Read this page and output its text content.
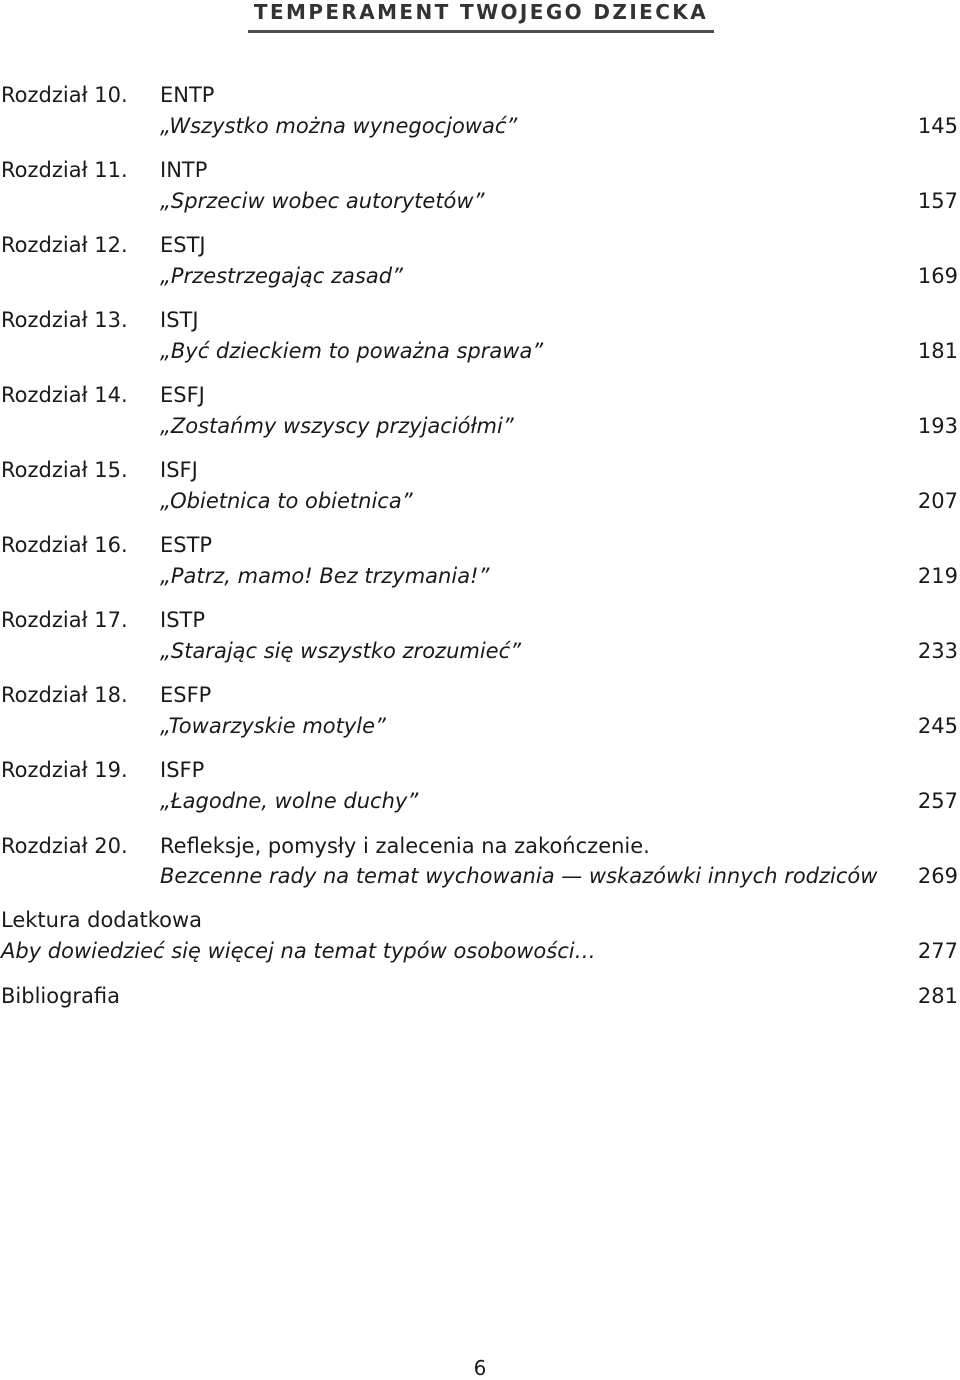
TEMPERAMENT TWOJEGO DZIECKA
Rozdział 10. ENTP
„Wszystko można wynegocjować”	145
Rozdział 11. INTP
„Sprzeciw wobec autorytetów”	157
Rozdział 12. ESTJ
„Przestrzegając zasad”	169
Rozdział 13. ISTJ
„Być dzieckiem to poważna sprawa”	181
Rozdział 14. ESFJ
„Zostańmy wszyscy przyjaciółmi”	193
Rozdział 15. ISFJ
„Obietnica to obietnica”	207
Rozdział 16. ESTP
„Patrz, mamo! Bez trzymania!”	219
Rozdział 17. ISTP
„Starając się wszystko zrozumieć”	233
Rozdział 18. ESFP
„Towarzyskie motyle”	245
Rozdział 19. ISFP
„Łagodne, wolne duchy”	257
Rozdział 20. Refleksje, pomysły i zalecenia na zakończenie.
Bezcenne rady na temat wychowania — wskazówki innych rodziców 269
Lektura dodatkowa
Aby dowiedzieć się więcej na temat typów osobowości…	277
Bibliografia	281
6
